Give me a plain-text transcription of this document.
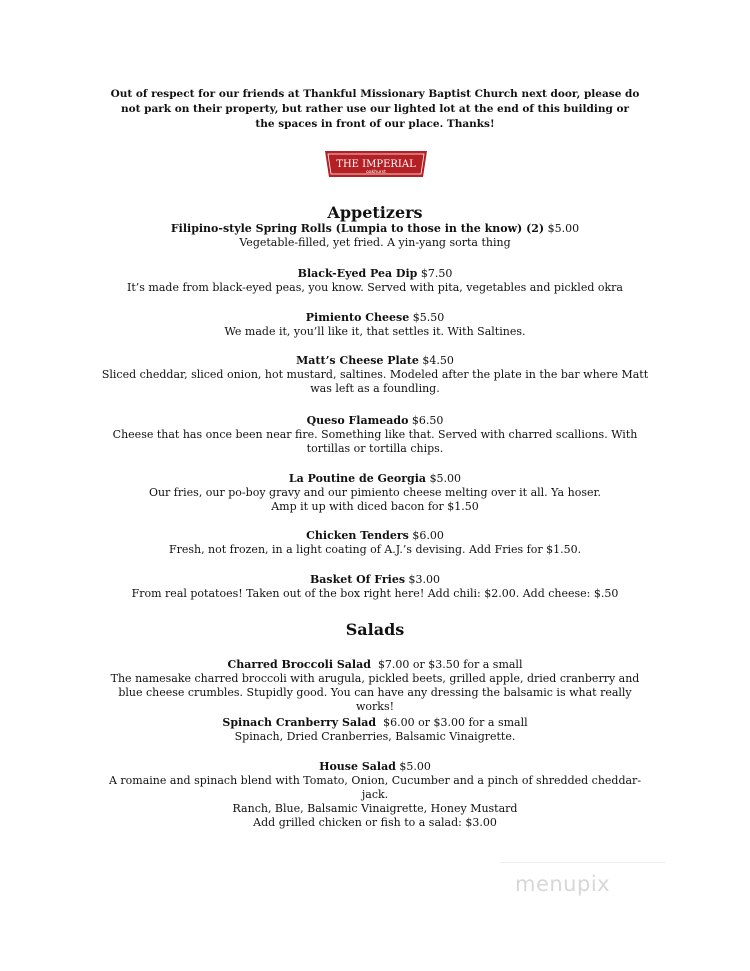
Out of respect for our friends at Thankful Missionary Baptist Church next door, please do not park on their property, but rather use our lighted lot at the end of this building or the spaces in front of our place. Thanks!
THE IMPERIAL
oakhurst
Appetizers
Filipino-style Spring Rolls (Lumpia to those in the know) (2) $5.00
Vegetable-filled, yet fried. A yin-yang sorta thing
Black-Eyed Pea Dip $7.50
It’s made from black-eyed peas, you know. Served with pita, vegetables and pickled okra
Pimiento Cheese $5.50
We made it, you’ll like it, that settles it. With Saltines.
Matt’s Cheese Plate $4.50
Sliced cheddar, sliced onion, hot mustard, saltines. Modeled after the plate in the bar where Matt was left as a foundling.
Queso Flameado $6.50
Cheese that has once been near fire. Something like that. Served with charred scallions. With tortillas or tortilla chips.
La Poutine de Georgia $5.00
Our fries, our po-boy gravy and our pimiento cheese melting over it all. Ya hoser.
Amp it up with diced bacon for $1.50
Chicken Tenders $6.00
Fresh, not frozen, in a light coating of A.J.’s devising. Add Fries for $1.50.
Basket Of Fries $3.00
From real potatoes! Taken out of the box right here! Add chili: $2.00. Add cheese: $.50
Salads
Charred Broccoli Salad $7.00 or $3.50 for a small
The namesake charred broccoli with arugula, pickled beets, grilled apple, dried cranberry and blue cheese crumbles. Stupidly good. You can have any dressing the balsamic is what really works!
Spinach Cranberry Salad $6.00 or $3.00 for a small
Spinach, Dried Cranberries, Balsamic Vinaigrette.
House Salad $5.00
A romaine and spinach blend with Tomato, Onion, Cucumber and a pinch of shredded cheddar-jack.
Ranch, Blue, Balsamic Vinaigrette, Honey Mustard
Add grilled chicken or fish to a salad: $3.00
menupix
